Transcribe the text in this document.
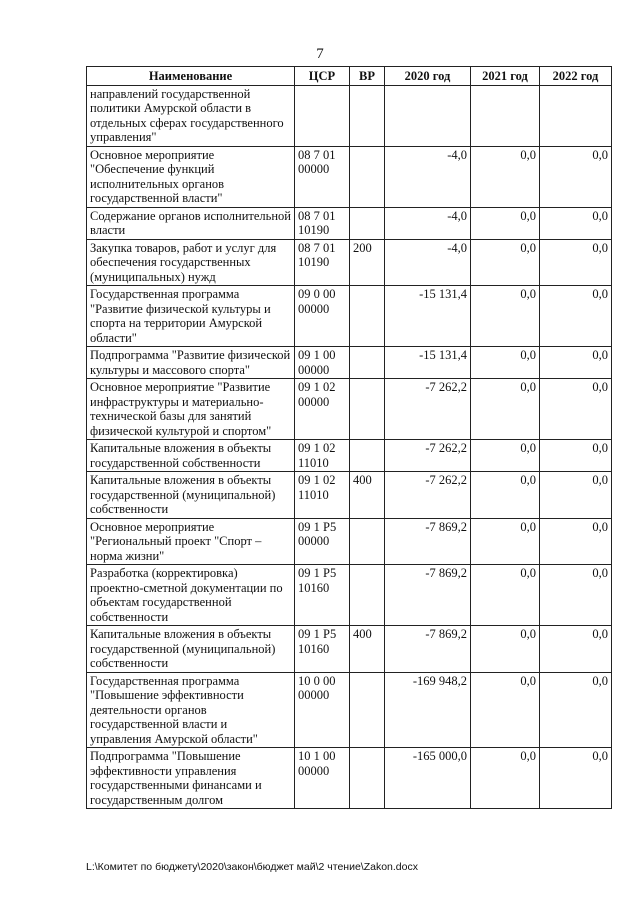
7
Наименование	ЦСР	ВР	2020 год	2021 год	2022 год
направлений государственной политики Амурской области в отдельных сферах государственного управления"					
Основное мероприятие "Обеспечение функций исполнительных органов государственной власти"	08 7 01 00000		-4,0	0,0	0,0
Содержание органов исполнительной власти	08 7 01 10190		-4,0	0,0	0,0
Закупка товаров, работ и услуг для обеспечения государственных (муниципальных) нужд	08 7 01 10190	200	-4,0	0,0	0,0
Государственная программа "Развитие физической культуры и спорта на территории Амурской области"	09 0 00 00000		-15 131,4	0,0	0,0
Подпрограмма "Развитие физической культуры и массового спорта"	09 1 00 00000		-15 131,4	0,0	0,0
Основное мероприятие "Развитие инфраструктуры и материально-технической базы для занятий физической культурой и спортом"	09 1 02 00000		-7 262,2	0,0	0,0
Капитальные вложения в объекты государственной собственности	09 1 02 11010		-7 262,2	0,0	0,0
Капитальные вложения в объекты государственной (муниципальной) собственности	09 1 02 11010	400	-7 262,2	0,0	0,0
Основное мероприятие "Региональный проект "Спорт – норма жизни"	09 1 P5 00000		-7 869,2	0,0	0,0
Разработка (корректировка) проектно-сметной документации по объектам государственной собственности	09 1 P5 10160		-7 869,2	0,0	0,0
Капитальные вложения в объекты государственной (муниципальной) собственности	09 1 P5 10160	400	-7 869,2	0,0	0,0
Государственная программа "Повышение эффективности деятельности органов государственной власти и управления Амурской области"	10 0 00 00000		-169 948,2	0,0	0,0
Подпрограмма "Повышение эффективности управления государственными финансами и государственным долгом	10 1 00 00000		-165 000,0	0,0	0,0
L:\Комитет по бюджету\2020\закон\бюджет май\2 чтение\Zakon.docx
